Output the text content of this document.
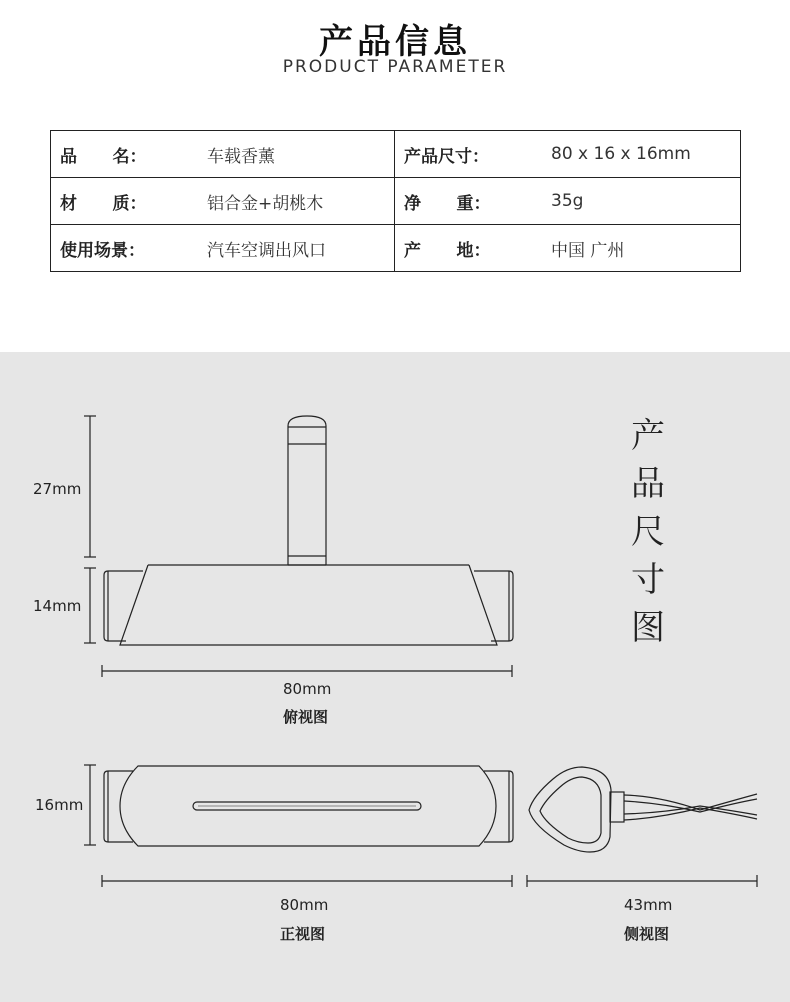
产品信息
PRODUCT PARAMETER
品      名： 车载香薰	产品尺寸： 80 x 16 x 16mm

材      质： 铝合金+胡桃木	净      重： 35g

使用场景： 汽车空调出风口	产      地： 中国 广州
产
品
尺
寸
图
27mm
14mm
80mm
俯视图
16mm
80mm
正视图
43mm
侧视图
